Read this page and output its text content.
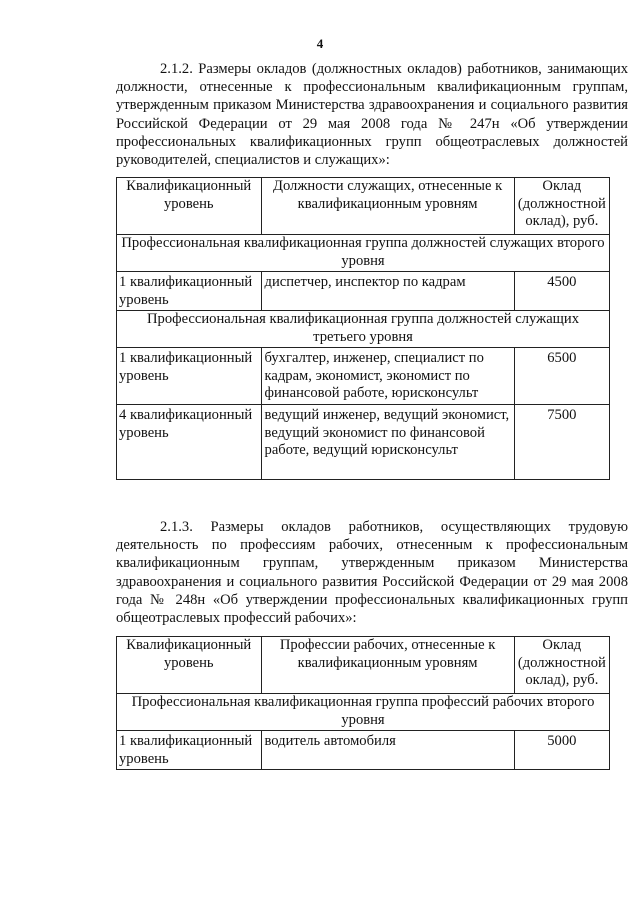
4

2.1.2. Размеры окладов (должностных окладов) работников, занимающих должности, отнесенные к профессиональным квалификационным группам, утвержденным приказом Министерства здравоохранения и социального развития Российской Федерации от 29 мая 2008 года № 247н «Об утверждении профессиональных квалификационных групп общеотраслевых должностей руководителей, специалистов и служащих»:

Квалификационный уровень	Должности служащих, отнесенные к квалификационным уровням	Оклад (должностной оклад), руб.
Профессиональная квалификационная группа должностей служащих второго уровня		
1 квалификационный уровень	диспетчер, инспектор по кадрам	4500
Профессиональная квалификационная группа должностей служащих третьего уровня		
1 квалификационный уровень	бухгалтер, инженер, специалист по кадрам, экономист, экономист по финансовой работе, юрисконсульт	6500
4 квалификационный уровень	ведущий инженер, ведущий экономист, ведущий экономист по финансовой работе, ведущий юрисконсульт	7500

2.1.3. Размеры окладов работников, осуществляющих трудовую деятельность по профессиям рабочих, отнесенным к профессиональным квалификационным группам, утвержденным приказом Министерства здравоохранения и социального развития Российской Федерации от 29 мая 2008 года № 248н «Об утверждении профессиональных квалификационных групп общеотраслевых профессий рабочих»:

Квалификационный уровень	Профессии рабочих, отнесенные к квалификационным уровням	Оклад (должностной оклад), руб.
Профессиональная квалификационная группа профессий рабочих второго уровня		
1 квалификационный уровень	водитель автомобиля	5000
